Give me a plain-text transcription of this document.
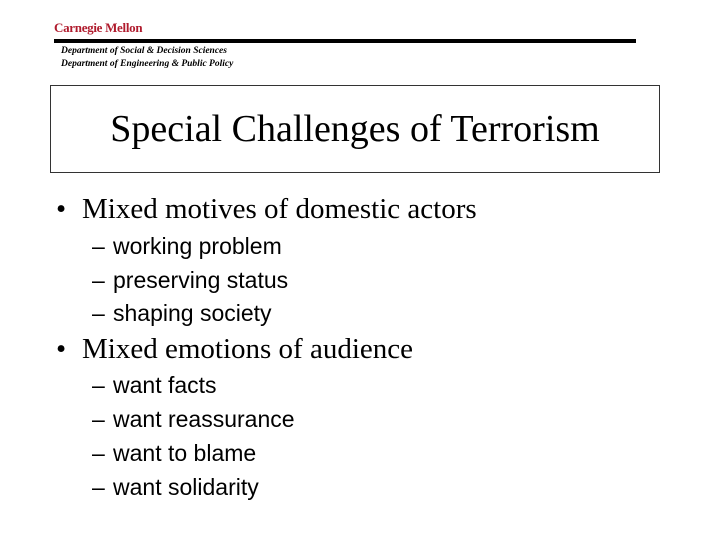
Carnegie Mellon
Department of Social & Decision Sciences
Department of Engineering & Public Policy
Special Challenges of Terrorism
• Mixed motives of domestic actors
– working problem
– preserving status
– shaping society
• Mixed emotions of audience
– want facts
– want reassurance
– want to blame
– want solidarity
